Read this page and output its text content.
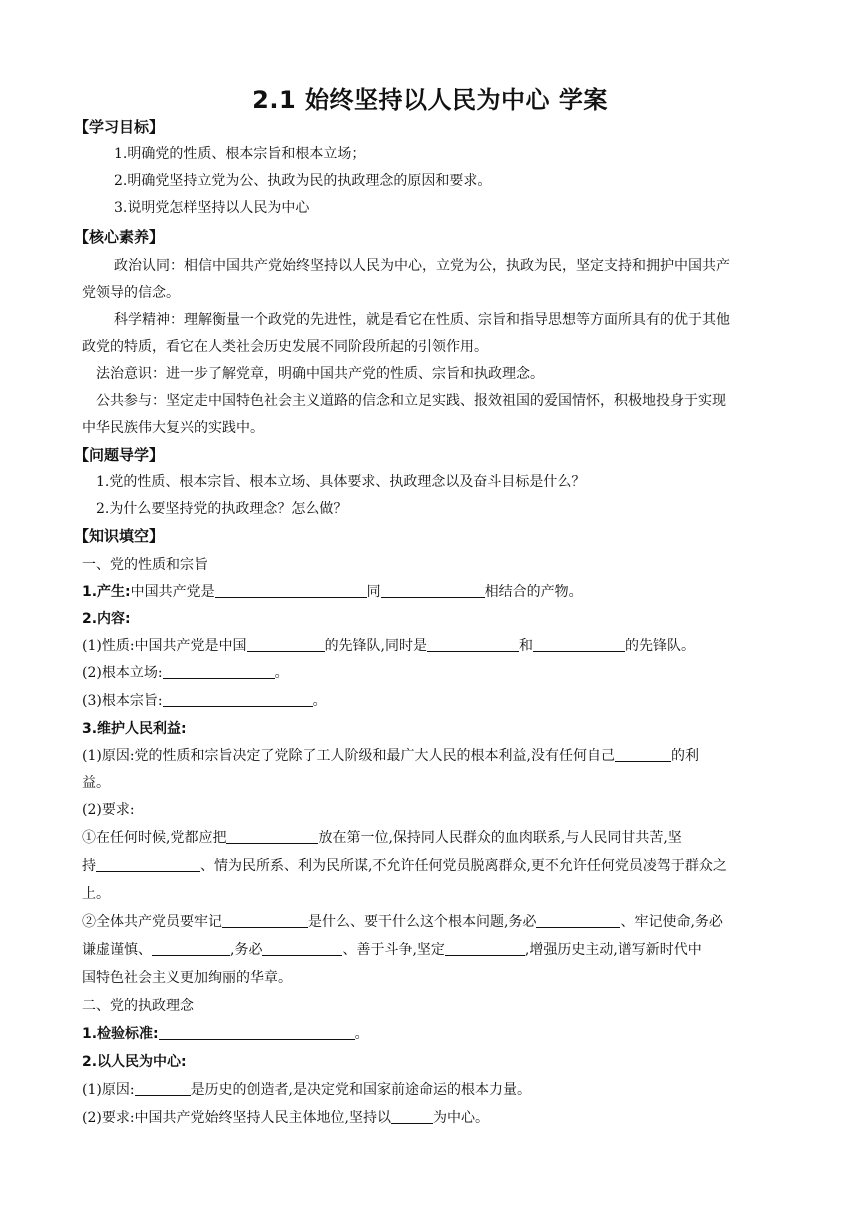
2.1 始终坚持以人民为中心 学案
【学习目标】
1.明确党的性质、根本宗旨和根本立场；
2.明确党坚持立党为公、执政为民的执政理念的原因和要求。
3.说明党怎样坚持以人民为中心
【核心素养】
政治认同：相信中国共产党始终坚持以人民为中心，立党为公，执政为民，坚定支持和拥护中国共产
党领导的信念。
科学精神：理解衡量一个政党的先进性，就是看它在性质、宗旨和指导思想等方面所具有的优于其他
政党的特质，看它在人类社会历史发展不同阶段所起的引领作用。
法治意识：进一步了解党章，明确中国共产党的性质、宗旨和执政理念。
公共参与：坚定走中国特色社会主义道路的信念和立足实践、报效祖国的爱国情怀，积极地投身于实现
中华民族伟大复兴的实践中。
【问题导学】
1.党的性质、根本宗旨、根本立场、具体要求、执政理念以及奋斗目标是什么？
2.为什么要坚持党的执政理念？怎么做？
【知识填空】
一、党的性质和宗旨
1.产生:中国共产党是	同	相结合的产物。
2.内容:
(1)性质:中国共产党是中国	的先锋队,同时是	和	的先锋队。
(2)根本立场:	。
(3)根本宗旨:	。
3.维护人民利益:
(1)原因:党的性质和宗旨决定了党除了工人阶级和最广大人民的根本利益,没有任何自己	的利
益。
(2)要求:
①在任何时候,党都应把	放在第一位,保持同人民群众的血肉联系,与人民同甘共苦,坚
持	、情为民所系、利为民所谋,不允许任何党员脱离群众,更不允许任何党员凌驾于群众之
上。
②全体共产党员要牢记	是什么、要干什么这个根本问题,务必	、牢记使命,务必
谦虚谨慎、	,务必	、善于斗争,坚定	,增强历史主动,谱写新时代中
国特色社会主义更加绚丽的华章。
二、党的执政理念
1.检验标准:	。
2.以人民为中心:
(1)原因:	是历史的创造者,是决定党和国家前途命运的根本力量。
(2)要求:中国共产党始终坚持人民主体地位,坚持以	为中心。
